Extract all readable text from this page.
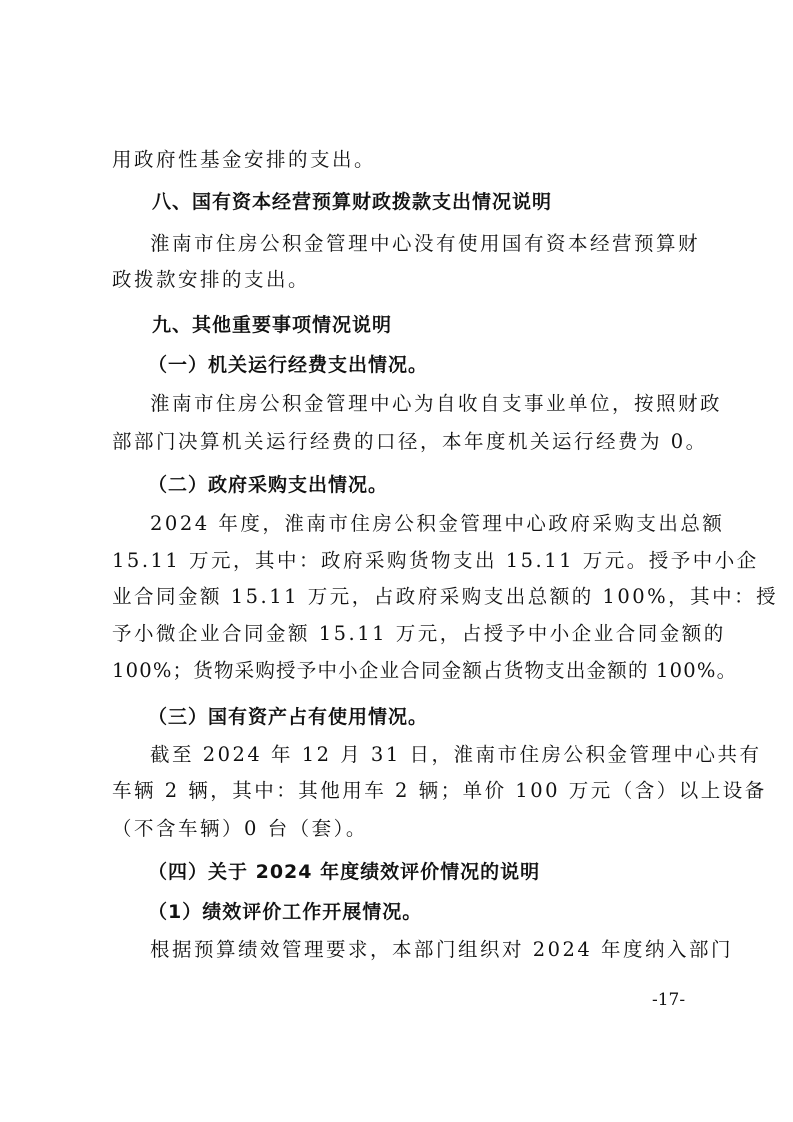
用政府性基金安排的支出。
八、国有资本经营预算财政拨款支出情况说明
淮南市住房公积金管理中心没有使用国有资本经营预算财
政拨款安排的支出。
九、其他重要事项情况说明
（一）机关运行经费支出情况。
淮南市住房公积金管理中心为自收自支事业单位，按照财政
部部门决算机关运行经费的口径，本年度机关运行经费为 0。
（二）政府采购支出情况。
2024 年度，淮南市住房公积金管理中心政府采购支出总额
15.11 万元，其中：政府采购货物支出 15.11 万元。授予中小企
业合同金额 15.11 万元，占政府采购支出总额的 100%，其中：授
予小微企业合同金额 15.11 万元，占授予中小企业合同金额的
100%；货物采购授予中小企业合同金额占货物支出金额的 100%。
（三）国有资产占有使用情况。
截至 2024 年 12 月 31 日，淮南市住房公积金管理中心共有
车辆 2 辆，其中：其他用车 2 辆；单价 100 万元（含）以上设备
（不含车辆）0 台（套）。
（四）关于 2024 年度绩效评价情况的说明
（1）绩效评价工作开展情况。
根据预算绩效管理要求，本部门组织对 2024 年度纳入部门
-17-
